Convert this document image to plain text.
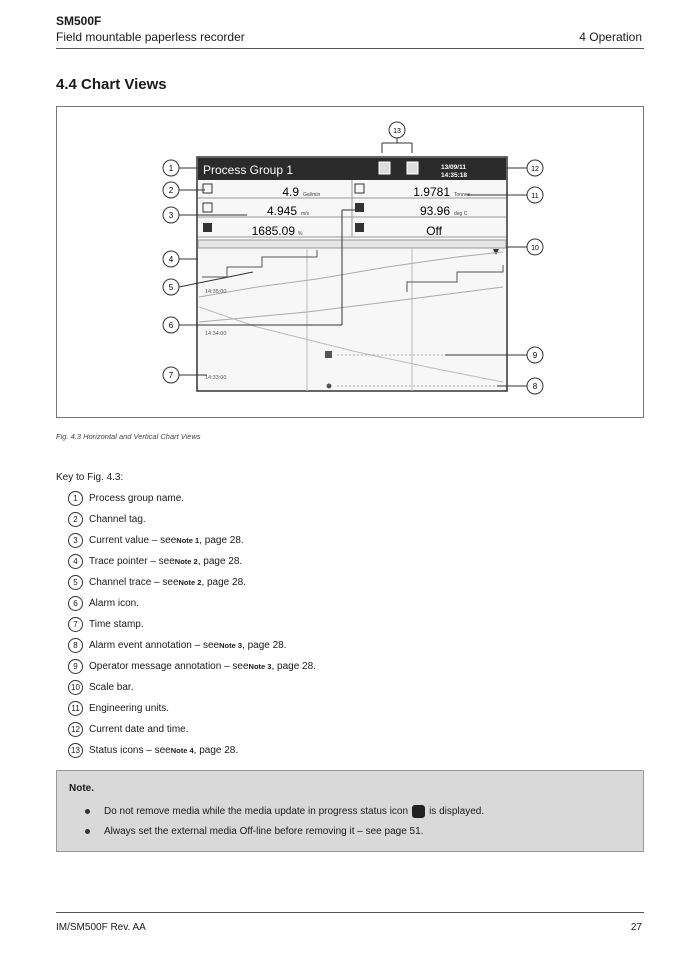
SM500F
Field mountable paperless recorder	4 Operation
4.4 Chart Views
Process Group 1	13/09/11
14:35:18
4.9 Gal/min	1.9781 Tonnes
4.945 m/s	93.96 deg C
1685.09 %	Off
14:35:00
14:34:00
14:33:00
1
2
3
4
5
6
7
8
9
10
11
12
13
Fig. 4.3 Horizontal and Vertical Chart Views
Key to Fig. 4.3:
1	Process group name.
2	Channel tag.
3	Current value – see Note 1 , page 28.
4	Trace pointer – see Note 2 , page 28.
5	Channel trace – see Note 2 , page 28.
6	Alarm icon.
7	Time stamp.
8	Alarm event annotation – see Note 3 , page 28.
9	Operator message annotation – see Note 3 , page 28.
10 Scale bar.
11 Engineering units.
12 Current date and time.
13 Status icons – see Note 4 , page 28.
Note.
Do not remove media while the media update in progress status icon is displayed.
Always set the external media Off-line before removing it – see page 51.
IM/SM500F Rev. AA	27
